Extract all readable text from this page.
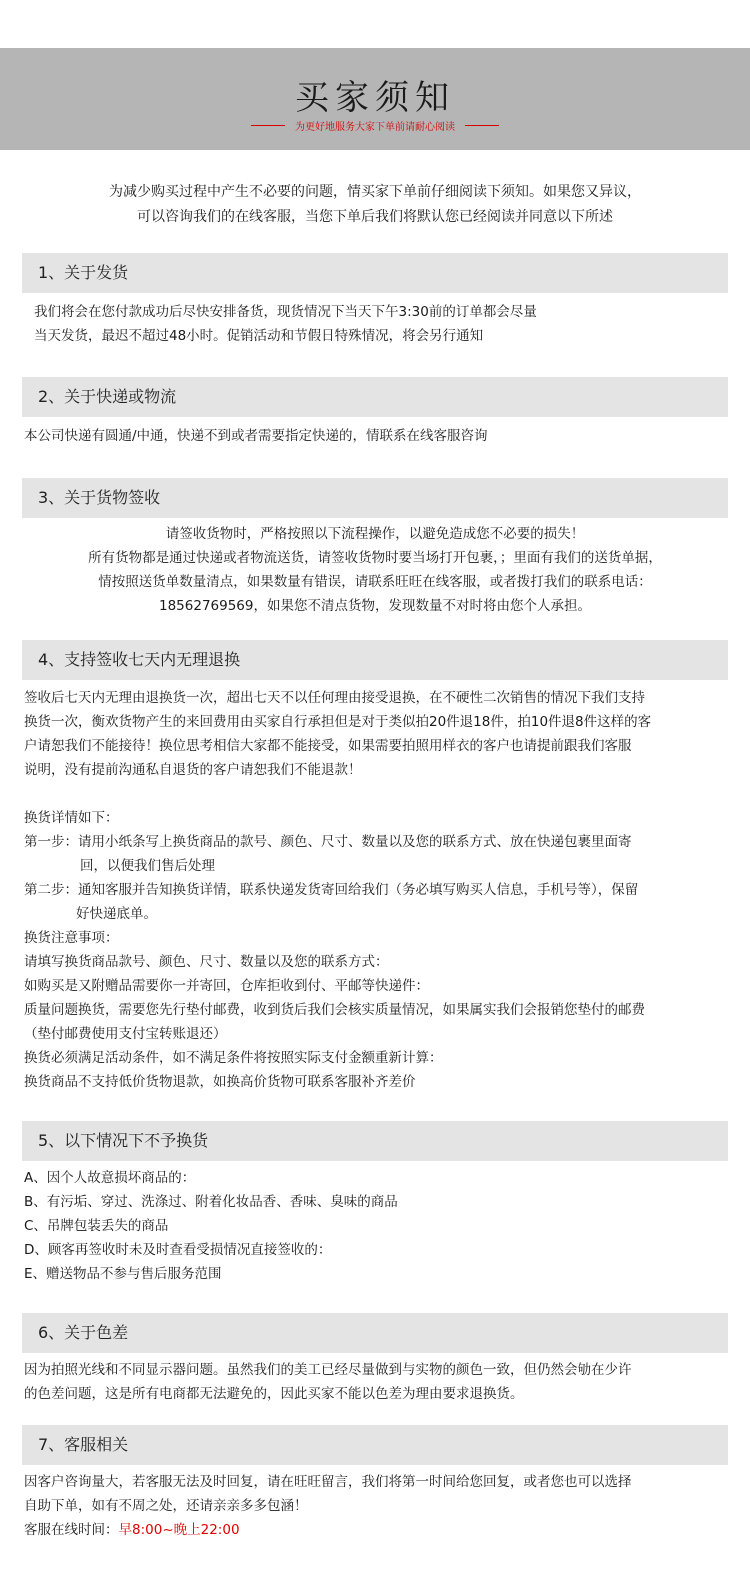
买家须知
为更好地服务大家下单前请耐心阅读
为减少购买过程中产生不必要的问题，情买家下单前仔细阅读下须知。如果您又异议，
可以咨询我们的在线客服，当您下单后我们将默认您已经阅读并同意以下所述
1、关于发货

我们将会在您付款成功后尽快安排备货，现货情况下当天下午3:30前的订单都会尽量

当天发货，最迟不超过48小时。促销活动和节假日特殊情况，将会另行通知

2、关于快递或物流

本公司快递有圆通/中通，快递不到或者需要指定快递的，情联系在线客服咨询

3、关于货物签收

请签收货物时，严格按照以下流程操作，以避免造成您不必要的损失！

所有货物都是通过快递或者物流送货，请签收货物时要当场打开包裹，；里面有我们的送货单据，

情按照送货单数量清点，如果数量有错误，请联系旺旺在线客服，或者拨打我们的联系电话：

18562769569，如果您不清点货物，发现数量不对时将由您个人承担。

4、支持签收七天内无理退换

签收后七天内无理由退换货一次，超出七天不以任何理由接受退换，在不硬性二次销售的情况下我们支持

换货一次，衡欢货物产生的来回费用由买家自行承担但是对于类似拍20件退18件，拍10件退8件这样的客

户请恕我们不能接待！换位思考相信大家都不能接受，如果需要拍照用样衣的客户也请提前跟我们客服

说明，没有提前沟通私自退货的客户请恕我们不能退款！

换货详情如下：

第一步：请用小纸条写上换货商品的款号、颜色、尺寸、数量以及您的联系方式、放在快递包裹里面寄

回，以便我们售后处理

第二步：通知客服并告知换货详情，联系快递发货寄回给我们（务必填写购买人信息，手机号等），保留

好快递底单。

换货注意事项：

请填写换货商品款号、颜色、尺寸、数量以及您的联系方式：

如购买是又附赠品需要你一并寄回，仓库拒收到付、平邮等快递件：

质量问题换货，需要您先行垫付邮费，收到货后我们会核实质量情况，如果属实我们会报销您垫付的邮费

（垫付邮费使用支付宝转账退还）

换货必须满足活动条件，如不满足条件将按照实际支付金额重新计算：

换货商品不支持低价货物退款，如换高价货物可联系客服补齐差价

5、以下情况下不予换货

A、因个人故意损坏商品的：

B、有污垢、穿过、洗涤过、附着化妆品香、香味、臭味的商品

C、吊牌包装丢失的商品

D、顾客再签收时未及时查看受损情况直接签收的：

E、赠送物品不参与售后服务范围

6、关于色差

因为拍照光线和不同显示器问题。虽然我们的美工已经尽量做到与实物的颜色一致，但仍然会劬在少许

的色差问题，这是所有电商都无法避免的，因此买家不能以色差为理由要求退换货。

7、客服相关

因客户咨询量大，若客服无法及时回复，请在旺旺留言，我们将第一时间给您回复，或者您也可以选择

自助下单，如有不周之处，还请亲亲多多包涵！

客服在线时间：早8:00~晚上22:00
